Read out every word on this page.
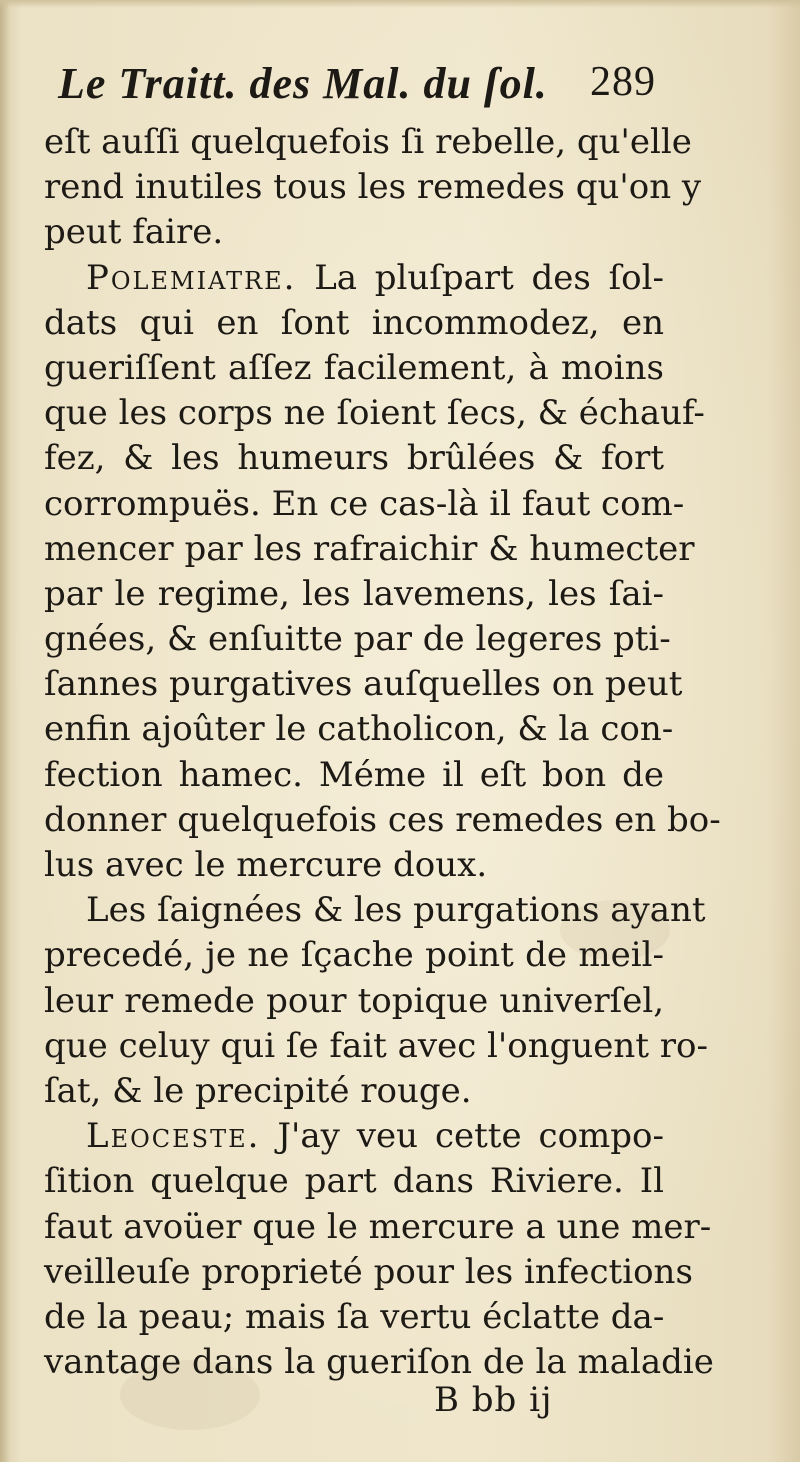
Le Traitt. des Mal. du ſol. 289
eſt auſſi quelquefois ſi rebelle, qu'elle
rend inutiles tous les remedes qu'on y
peut faire.
Polemiatre. La pluſpart des ſol-
dats qui en ſont incommodez, en
gueriſſent aſſez facilement, à moins
que les corps ne ſoient ſecs, & échauf-
fez, & les humeurs brûlées & fort
corrompuës. En ce cas-là il faut com-
mencer par les rafraichir & humecter
par le regime, les lavemens, les ſai-
gnées, & enſuitte par de legeres pti-
ſannes purgatives auſquelles on peut
enfin ajoûter le catholicon, & la con-
fection hamec. Méme il eſt bon de
donner quelquefois ces remedes en bo-
lus avec le mercure doux.
Les ſaignées & les purgations ayant
precedé, je ne ſçache point de meil-
leur remede pour topique univerſel,
que celuy qui ſe fait avec l'onguent ro-
ſat, & le precipité rouge.
Leoceste. J'ay veu cette compo-
ſition quelque part dans Riviere. Il
faut avoüer que le mercure a une mer-
veilleuſe proprieté pour les infections
de la peau; mais ſa vertu éclatte da-
vantage dans la gueriſon de la maladie
B bb ij
